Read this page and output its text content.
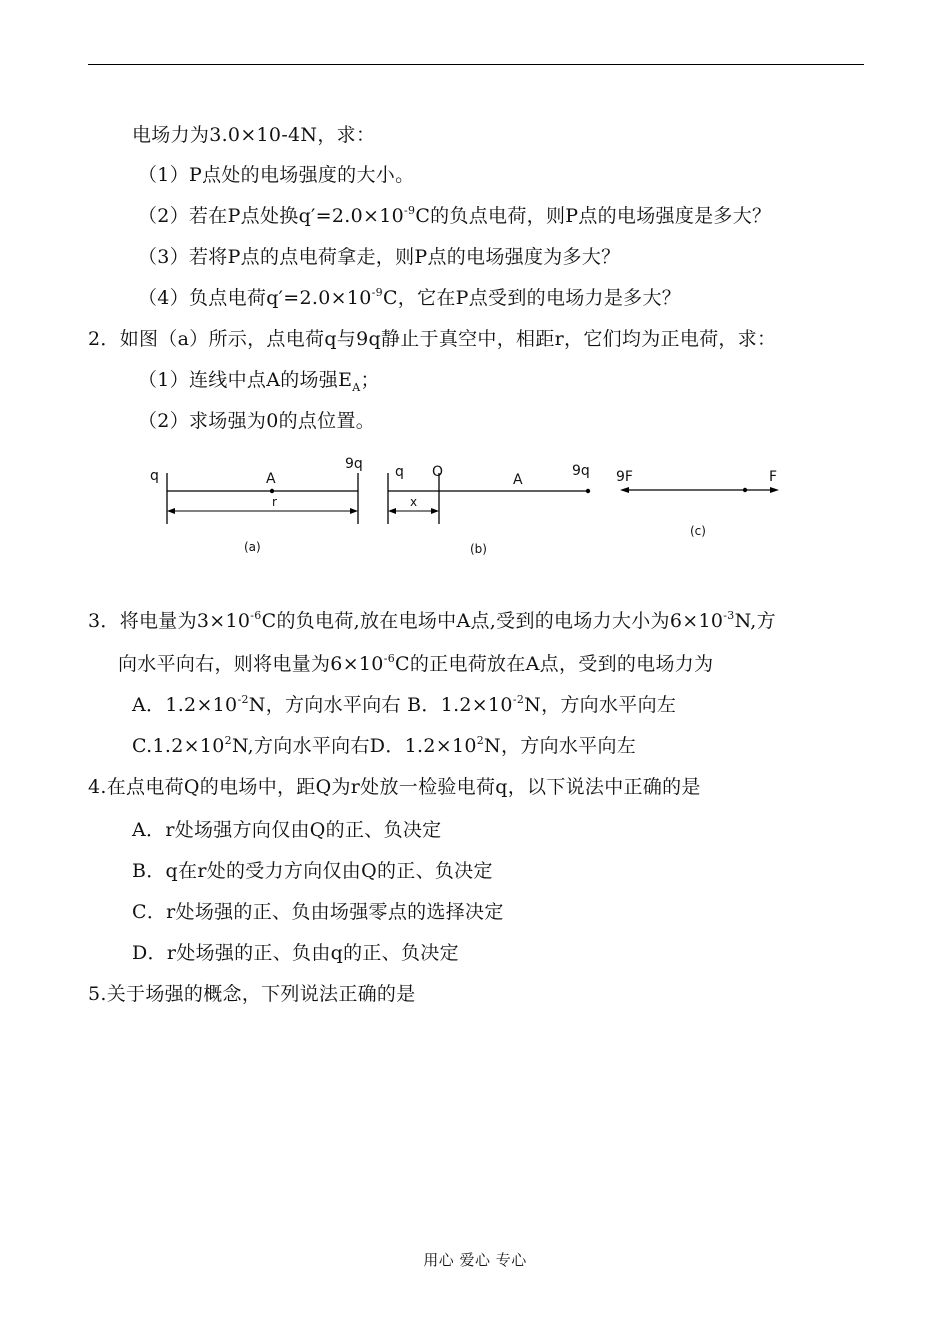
电场力为3.0×10-4N，求：
（1）P点处的电场强度的大小。
（2）若在P点处换$q'=2.0\times 10^{-9}C$的负点电荷，则P点的电场强度是多大？
（3）若将P点的点电荷拿走，则P点的电场强度为多大？
（4）负点电荷$q'=2.0\times 10^{-9}C$，它在P点受到的电场力是多大？
2．如图（a）所示，点电荷q与9q静止于真空中，相距r，它们均为正电荷，求：
（1）连线中点A的场强$E_A$；
（2）求场强为0的点位置。
q
9q
A
r
(a)
q O
x
A
9q
(b)
9F	F
(c)
3．将电量为$3\times 10^{-6}C$的负电荷,放在电场中A点,受到的电场力大小为$6\times 10^{-3}N$,方
向水平向右，则将电量为$6\times 10^{-6}C$的正电荷放在A点，受到的电场力为
A．$1.2\times 10^{-2}N$，方向水平向右 B．$1.2\times 10^{-2}N$，方向水平向左
$C.1.2\times 10^2N$,方向水平向右D．$1.2\times 10^2N$，方向水平向左
4.在点电荷Q的电场中，距Q为r处放一检验电荷q，以下说法中正确的是
A．r处场强方向仅由Q的正、负决定
B．q在r处的受力方向仅由Q的正、负决定
C．r处场强的正、负由场强零点的选择决定
D．r处场强的正、负由q的正、负决定
5.关于场强的概念，下列说法正确的是
用心 爱心 专心
